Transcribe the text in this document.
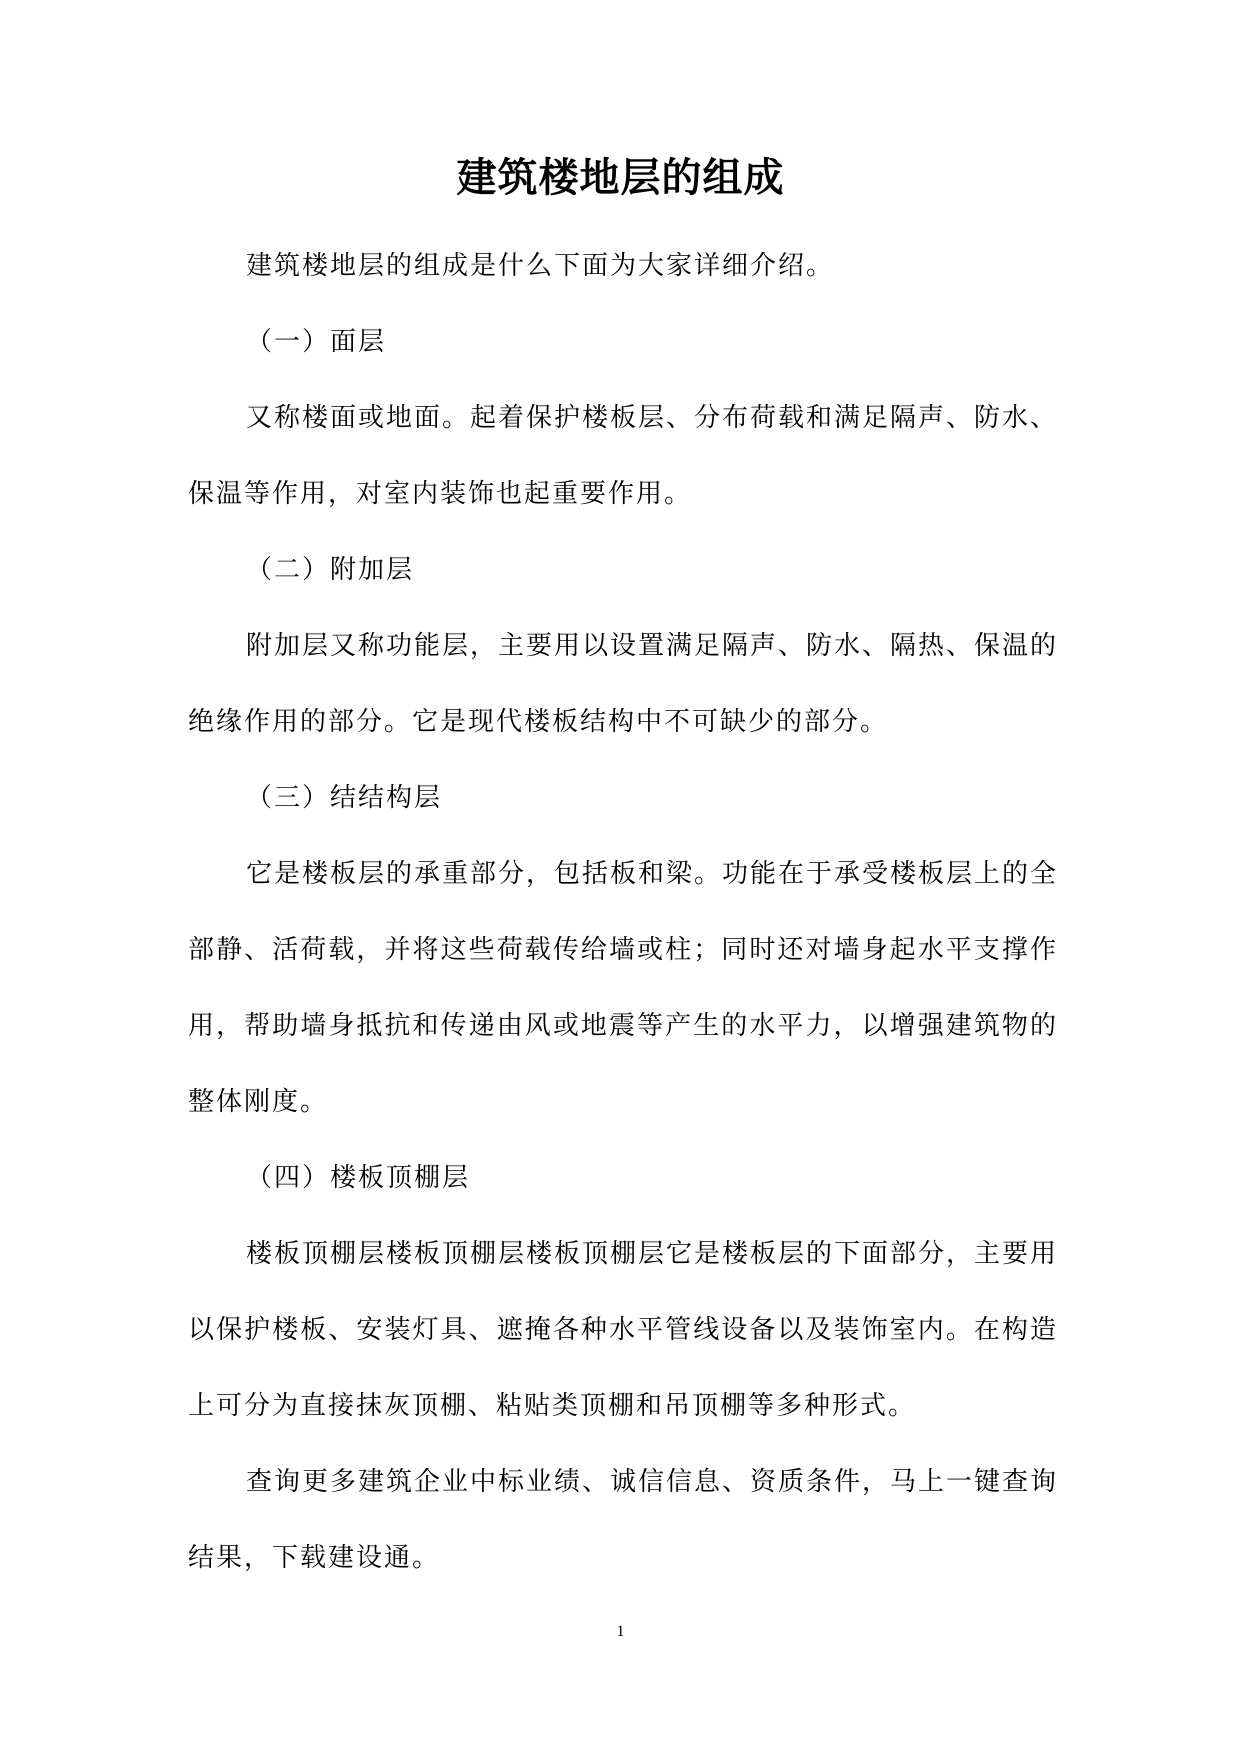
建筑楼地层的组成

建筑楼地层的组成是什么下面为大家详细介绍。

（一）面层

又称楼面或地面。起着保护楼板层、分布荷载和满足隔声、防水、保温等作用，对室内装饰也起重要作用。

（二）附加层

附加层又称功能层，主要用以设置满足隔声、防水、隔热、保温的绝缘作用的部分。它是现代楼板结构中不可缺少的部分。

（三）结结构层

它是楼板层的承重部分，包括板和梁。功能在于承受楼板层上的全部静、活荷载，并将这些荷载传给墙或柱；同时还对墙身起水平支撑作用，帮助墙身抵抗和传递由风或地震等产生的水平力，以增强建筑物的整体刚度。

（四）楼板顶棚层

楼板顶棚层楼板顶棚层楼板顶棚层它是楼板层的下面部分，主要用以保护楼板、安装灯具、遮掩各种水平管线设备以及装饰室内。在构造上可分为直接抹灰顶棚、粘贴类顶棚和吊顶棚等多种形式。

查询更多建筑企业中标业绩、诚信信息、资质条件，马上一键查询结果，下载建设通。

1
